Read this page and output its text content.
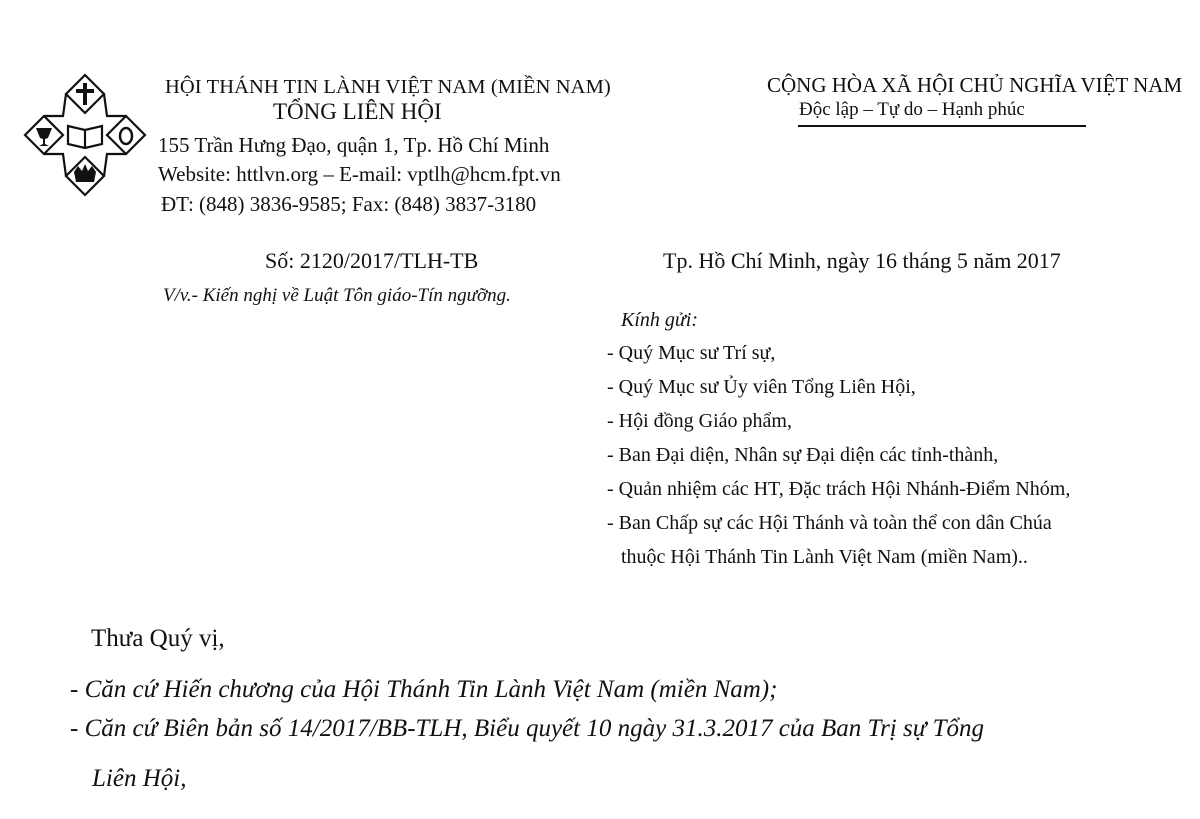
HỘI THÁNH TIN LÀNH VIỆT NAM (MIỀN NAM)
TỔNG LIÊN HỘI
155 Trần Hưng Đạo, quận 1, Tp. Hồ Chí Minh
Website: httlvn.org – E-mail: vptlh@hcm.fpt.vn
ĐT: (848) 3836-9585; Fax: (848) 3837-3180
CỘNG HÒA XÃ HỘI CHỦ NGHĨA VIỆT NAM
Độc lập – Tự do – Hạnh phúc
Số: 2120/2017/TLH-TB
V/v.- Kiến nghị về Luật Tôn giáo-Tín ngưỡng.
Tp. Hồ Chí Minh, ngày 16 tháng 5 năm 2017
Kính gửi:
- Quý Mục sư Trí sự,
- Quý Mục sư Ủy viên Tổng Liên Hội,
- Hội đồng Giáo phẩm,
- Ban Đại diện, Nhân sự Đại diện các tỉnh-thành,
- Quản nhiệm các HT, Đặc trách Hội Nhánh-Điểm Nhóm,
- Ban Chấp sự các Hội Thánh và toàn thể con dân Chúa
thuộc Hội Thánh Tin Lành Việt Nam (miền Nam)..
Thưa Quý vị,
- Căn cứ Hiến chương của Hội Thánh Tin Lành Việt Nam (miền Nam);
- Căn cứ Biên bản số 14/2017/BB-TLH, Biểu quyết 10 ngày 31.3.2017 của Ban Trị sự Tổng
Liên Hội,
